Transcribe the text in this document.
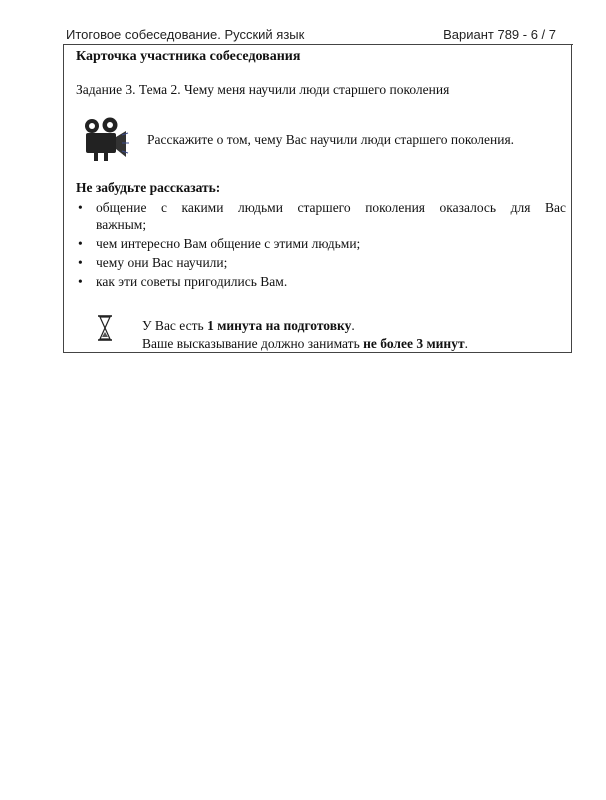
Итоговое собеседование. Русский язык	Вариант 789 - 6 / 7
Карточка участника собеседования
Задание 3. Тема 2. Чему меня научили люди старшего поколения
Расскажите о том, чему Вас научили люди старшего поколения.
Не забудьте рассказать:
• общение с какими людьми старшего поколения оказалось для Вас
важным;
• чем интересно Вам общение с этими людьми;
• чему они Вас научили;
• как эти советы пригодились Вам.
У Вас есть 1 минута на подготовку.
Ваше высказывание должно занимать не более 3 минут.
